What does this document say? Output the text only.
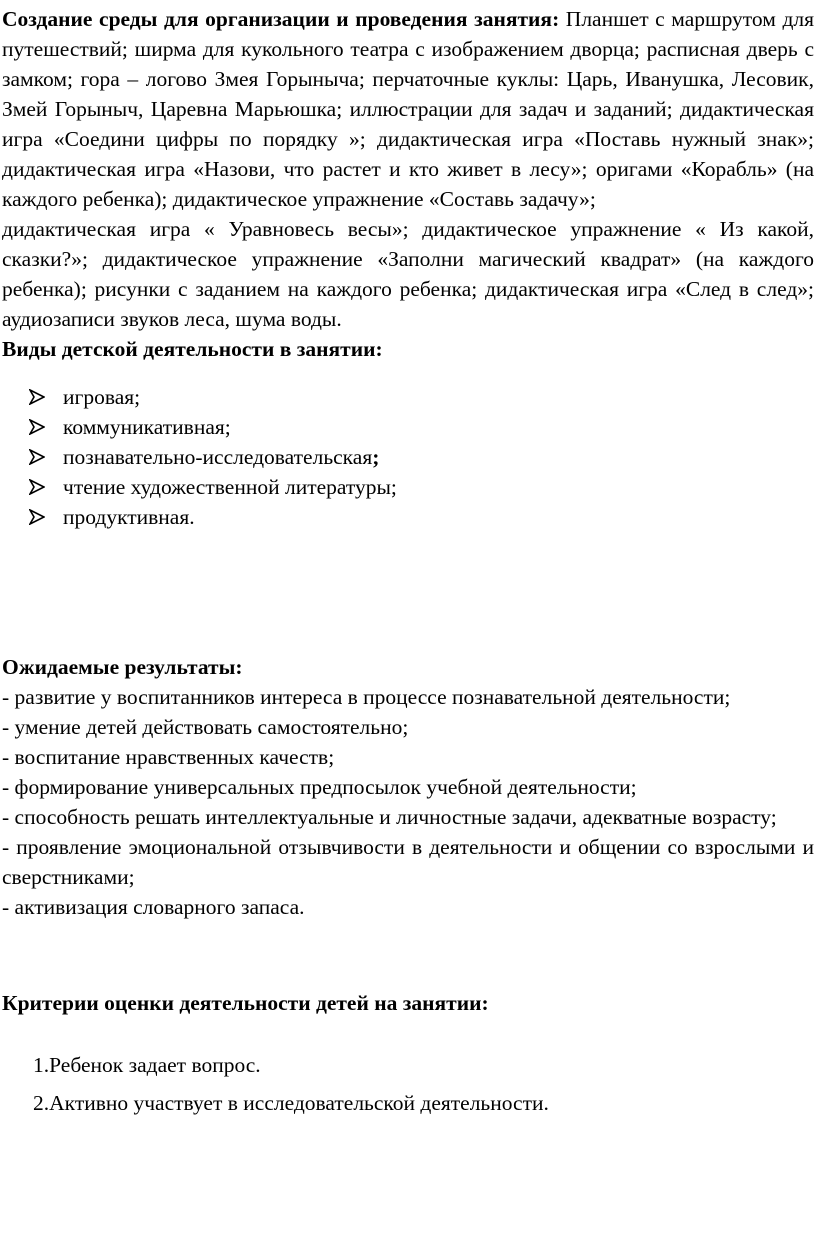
Создание среды для организации и проведения занятия: Планшет с маршрутом для путешествий; ширма для кукольного театра с изображением дворца; расписная дверь с замком; гора – логово Змея Горыныча; перчаточные куклы: Царь, Иванушка, Лесовик, Змей Горыныч, Царевна Марьюшка; иллюстрации для задач и заданий; дидактическая игра «Соедини цифры по порядку »; дидактическая игра «Поставь нужный знак»; дидактическая игра «Назови, что растет и кто живет в лесу»; оригами «Корабль» (на каждого ребенка); дидактическое упражнение «Составь задачу»;

дидактическая игра « Уравновесь весы»; дидактическое упражнение « Из какой, сказки?»; дидактическое упражнение «Заполни магический квадрат» (на каждого ребенка); рисунки с заданием на каждого ребенка; дидактическая игра «След в след»; аудиозаписи звуков леса, шума воды.

Виды детской деятельности в занятии:

игровая;
коммуникативная;
познавательно-исследовательская;
чтение художественной литературы;
продуктивная.

Ожидаемые результаты:

- развитие у воспитанников интереса в процессе познавательной деятельности;

- умение детей действовать самостоятельно;

- воспитание нравственных качеств;

- формирование универсальных предпосылок учебной деятельности;

- способность решать интеллектуальные и личностные задачи, адекватные возрасту;

- проявление эмоциональной отзывчивости в деятельности и общении со взрослыми и сверстниками;

- активизация словарного запаса.

Критерии оценки деятельности детей на занятии:

1.Ребенок задает вопрос.
2.Активно участвует в исследовательской деятельности.
